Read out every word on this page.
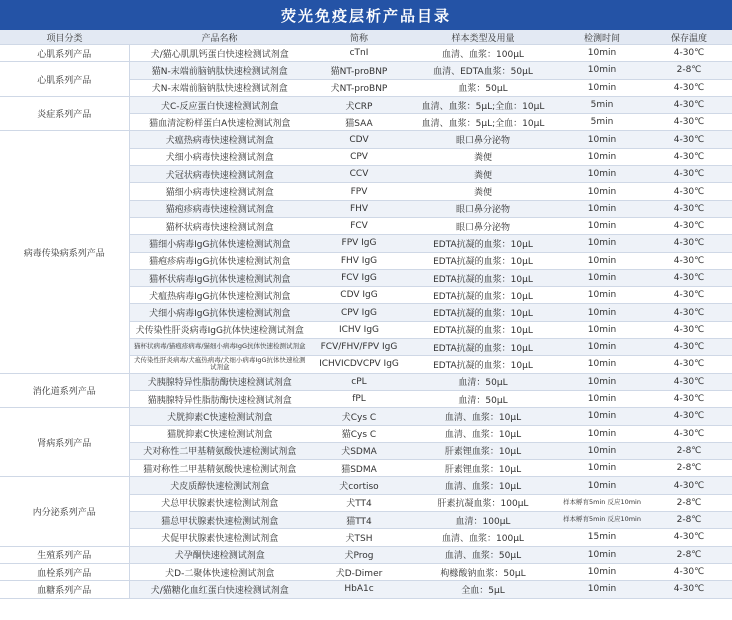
荧光免疫层析产品目录
项目分类	产品名称	简称	样本类型及用量	检测时间	保存温度
心肌系列产品	犬/猫心肌肌钙蛋白快速检测试剂盒	cTnI	血清、血浆：100μL	10min	4-30℃
心肌系列产品	猫N-末端前脑钠肽快速检测试剂盒	猫NT-proBNP	血清、EDTA血浆：50μL	10min	2-8℃
	犬N-末端前脑钠肽快速检测试剂盒	犬NT-proBNP	血浆：50μL	10min	4-30℃
炎症系列产品	犬C-反应蛋白快速检测试剂盒	犬CRP	血清、血浆：5μL;全血：10μL	5min	4-30℃
	猫血清淀粉样蛋白A快速检测试剂盒	猫SAA	血清、血浆：5μL;全血：10μL	5min	4-30℃
病毒传染病系列产品	犬瘟热病毒快速检测试剂盒	CDV	眼口鼻分泌物	10min	4-30℃
	犬细小病毒快速检测试剂盒	CPV	粪便	10min	4-30℃
	犬冠状病毒快速检测试剂盒	CCV	粪便	10min	4-30℃
	猫细小病毒快速检测试剂盒	FPV	粪便	10min	4-30℃
	猫疱疹病毒快速检测试剂盒	FHV	眼口鼻分泌物	10min	4-30℃
	猫杯状病毒快速检测试剂盒	FCV	眼口鼻分泌物	10min	4-30℃
	猫细小病毒IgG抗体快速检测试剂盒	FPV IgG	EDTA抗凝的血浆：10μL	10min	4-30℃
	猫疱疹病毒IgG抗体快速检测试剂盒	FHV IgG	EDTA抗凝的血浆：10μL	10min	4-30℃
	猫杯状病毒IgG抗体快速检测试剂盒	FCV IgG	EDTA抗凝的血浆：10μL	10min	4-30℃
	犬瘟热病毒IgG抗体快速检测试剂盒	CDV IgG	EDTA抗凝的血浆：10μL	10min	4-30℃
	犬细小病毒IgG抗体快速检测试剂盒	CPV IgG	EDTA抗凝的血浆：10μL	10min	4-30℃
	犬传染性肝炎病毒IgG抗体快速检测试剂盒	ICHV IgG	EDTA抗凝的血浆：10μL	10min	4-30℃
	猫杯状病毒/猫疱疹病毒/猫细小病毒IgG抗体快速检测试剂盒	FCV/FHV/FPV IgG	EDTA抗凝的血浆：10μL	10min	4-30℃
	犬传染性肝炎病毒/犬瘟热病毒/犬细小病毒IgG抗体快速检测试剂盒	ICHVICDVCPV IgG	EDTA抗凝的血浆：10μL	10min	4-30℃
消化道系列产品	犬胰腺特异性脂肪酶快速检测试剂盒	cPL	血清：50μL	10min	4-30℃
	猫胰腺特异性脂肪酶快速检测试剂盒	fPL	血清：50μL	10min	4-30℃
肾病系列产品	犬胱抑素C快速检测试剂盒	犬Cys C	血清、血浆：10μL	10min	4-30℃
	猫胱抑素C快速检测试剂盒	猫Cys C	血清、血浆：10μL	10min	4-30℃
	犬对称性二甲基精氨酸快速检测试剂盒	犬SDMA	肝素锂血浆：10μL	10min	2-8℃
	猫对称性二甲基精氨酸快速检测试剂盒	猫SDMA	肝素锂血浆：10μL	10min	2-8℃
内分泌系列产品	犬皮质醇快速检测试剂盒	犬cortiso	血清、血浆：10μL	10min	4-30℃
	犬总甲状腺素快速检测试剂盒	犬TT4	肝素抗凝血浆：100μL	样本孵育5min 反应10min	2-8℃
	猫总甲状腺素快速检测试剂盒	猫TT4	血清：100μL	样本孵育5min 反应10min	2-8℃
	犬促甲状腺素快速检测试剂盒	犬TSH	血清、血浆：100μL	15min	4-30℃
生殖系列产品	犬孕酮快速检测试剂盒	犬Prog	血清、血浆：50μL	10min	2-8℃
血栓系列产品	犬D-二聚体快速检测试剂盒	犬D-Dimer	枸橼酸钠血浆：50μL	10min	4-30℃
血糖系列产品	犬/猫糖化血红蛋白快速检测试剂盒	HbA1c	全血：5μL	10min	4-30℃
